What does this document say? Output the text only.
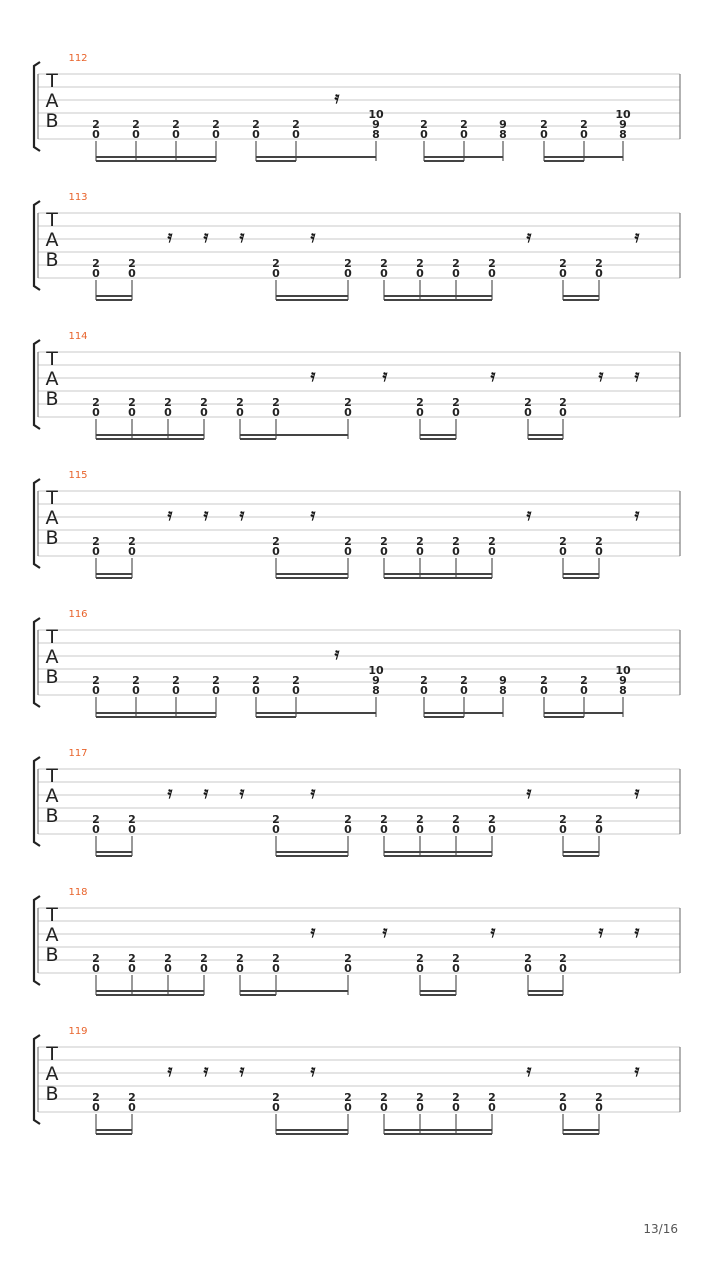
112
T
A
B	2
0
2
0
2
0
2
0
2
0
2
0
10
9
8
𝄿
2
0
2
0
9
8
2
0
2
0
10
9
8
113
T
A
B	2
0
2
0
𝄿 𝄿 𝄿
2
0
2
0
𝄿
2
0
2
0
2
0
2
0
2
0
2
0
𝄿	𝄿
114
T
A
B	2
0
2
0
2
0
2
0
2
0
2
0
2
0
𝄿	𝄿
2
0
2
0
𝄿
2
0
2
0
𝄿 𝄿
115
T
A
B	2
0
2
0
𝄿 𝄿 𝄿
2
0
2
0
𝄿
2
0
2
0
2
0
2
0
2
0
2
0
𝄿	𝄿
116
T
A
B	2
0
2
0
2
0
2
0
2
0
2
0
10
9
8
𝄿
2
0
2
0
9
8
2
0
2
0
10
9
8
117
T
A
B	2
0
2
0
𝄿 𝄿 𝄿
2
0
2
0
𝄿
2
0
2
0
2
0
2
0
2
0
2
0
𝄿	𝄿
118
T
A
B	2
0
2
0
2
0
2
0
2
0
2
0
2
0
𝄿	𝄿
2
0
2
0
𝄿
2
0
2
0
𝄿 𝄿
119
T
A
B	2
0
2
0
𝄿 𝄿 𝄿
2
0
2
0
𝄿
2
0
2
0
2
0
2
0
2
0
2
0
𝄿	𝄿
13/16
